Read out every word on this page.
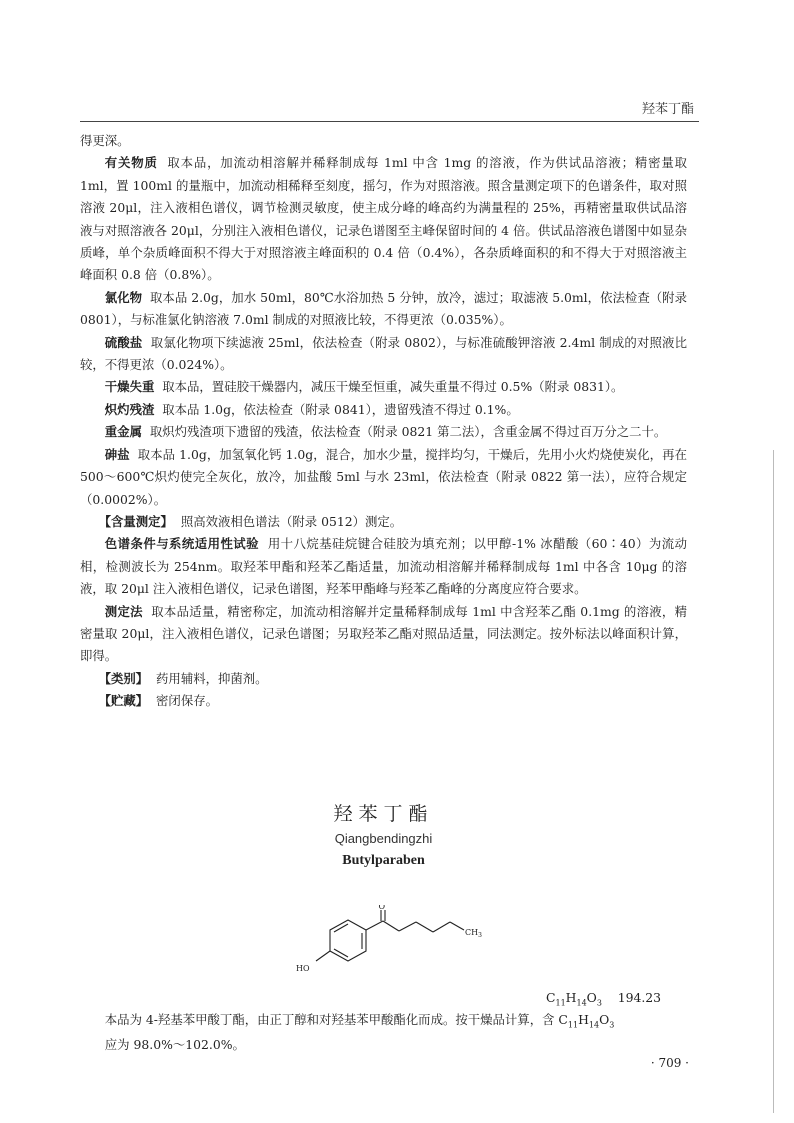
羟苯丁酯

得更深。

有关物质 取本品，加流动相溶解并稀释制成每 1ml 中含 1mg 的溶液，作为供试品溶液；精密量取 1ml，置 100ml 的量瓶中，加流动相稀释至刻度，摇匀，作为对照溶液。照含量测定项下的色谱条件，取对照溶液 20μl，注入液相色谱仪，调节检测灵敏度，使主成分峰的峰高约为满量程的 25%，再精密量取供试品溶液与对照溶液各 20μl，分别注入液相色谱仪，记录色谱图至主峰保留时间的 4 倍。供试品溶液色谱图中如显杂质峰，单个杂质峰面积不得大于对照溶液主峰面积的 0.4 倍（0.4%），各杂质峰面积的和不得大于对照溶液主峰面积 0.8 倍（0.8%）。

氯化物 取本品 2.0g，加水 50ml，80℃水浴加热 5 分钟，放冷，滤过；取滤液 5.0ml，依法检查（附录 0801），与标准氯化钠溶液 7.0ml 制成的对照液比较，不得更浓（0.035%）。

硫酸盐 取氯化物项下续滤液 25ml，依法检查（附录 0802），与标准硫酸钾溶液 2.4ml 制成的对照液比较，不得更浓（0.024%）。

干燥失重 取本品，置硅胶干燥器内，减压干燥至恒重，减失重量不得过 0.5%（附录 0831）。

炽灼残渣 取本品 1.0g，依法检查（附录 0841），遗留残渣不得过 0.1%。

重金属 取炽灼残渣项下遗留的残渣，依法检查（附录 0821 第二法），含重金属不得过百万分之二十。

砷盐 取本品 1.0g，加氢氧化钙 1.0g，混合，加水少量，搅拌均匀，干燥后，先用小火灼烧使炭化，再在 500～600℃炽灼使完全灰化，放冷，加盐酸 5ml 与水 23ml，依法检查（附录 0822 第一法），应符合规定（0.0002%）。

【含量测定】 照高效液相色谱法（附录 0512）测定。

色谱条件与系统适用性试验 用十八烷基硅烷键合硅胶为填充剂；以甲醇-1% 冰醋酸（60∶40）为流动相，检测波长为 254nm。取羟苯甲酯和羟苯乙酯适量，加流动相溶解并稀释制成每 1ml 中各含 10μg 的溶液，取 20μl 注入液相色谱仪，记录色谱图，羟苯甲酯峰与羟苯乙酯峰的分离度应符合要求。

测定法 取本品适量，精密称定，加流动相溶解并定量稀释制成每 1ml 中含羟苯乙酯 0.1mg 的溶液，精密量取 20μl，注入液相色谱仪，记录色谱图；另取羟苯乙酯对照品适量，同法测定。按外标法以峰面积计算，即得。

【类别】 药用辅料，抑菌剂。

【贮藏】 密闭保存。

羟苯丁酯
Qiangbendingzhi
Butylparaben
O
HO
$CH_3$
$C_{11}H_{14}O_3$ 194.23

本品为 4-羟基苯甲酸丁酯，由正丁醇和对羟基苯甲酸酯化而成。按干燥品计算，含 $C_{11}H_{14}O_3$

应为 98.0%～102.0%。

· 709 ·
